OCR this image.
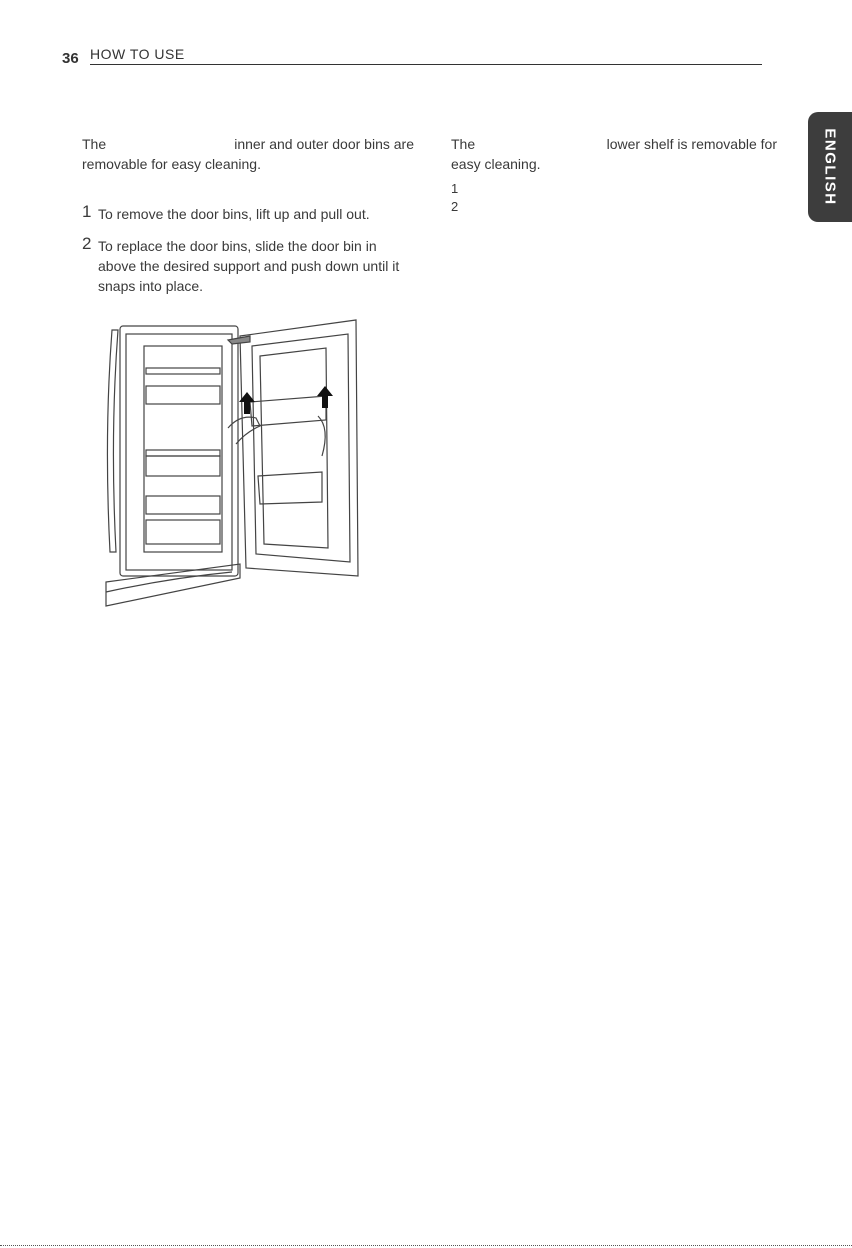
36 HOW TO USE
ENGLISH
The	inner and outer door bins are
removable for easy cleaning.
1 To remove the door bins, lift up and pull out.
2 To replace the door bins, slide the door bin in above the desired support and push down until it snaps into place.
The	lower shelf is removable for
easy cleaning.
1
2
